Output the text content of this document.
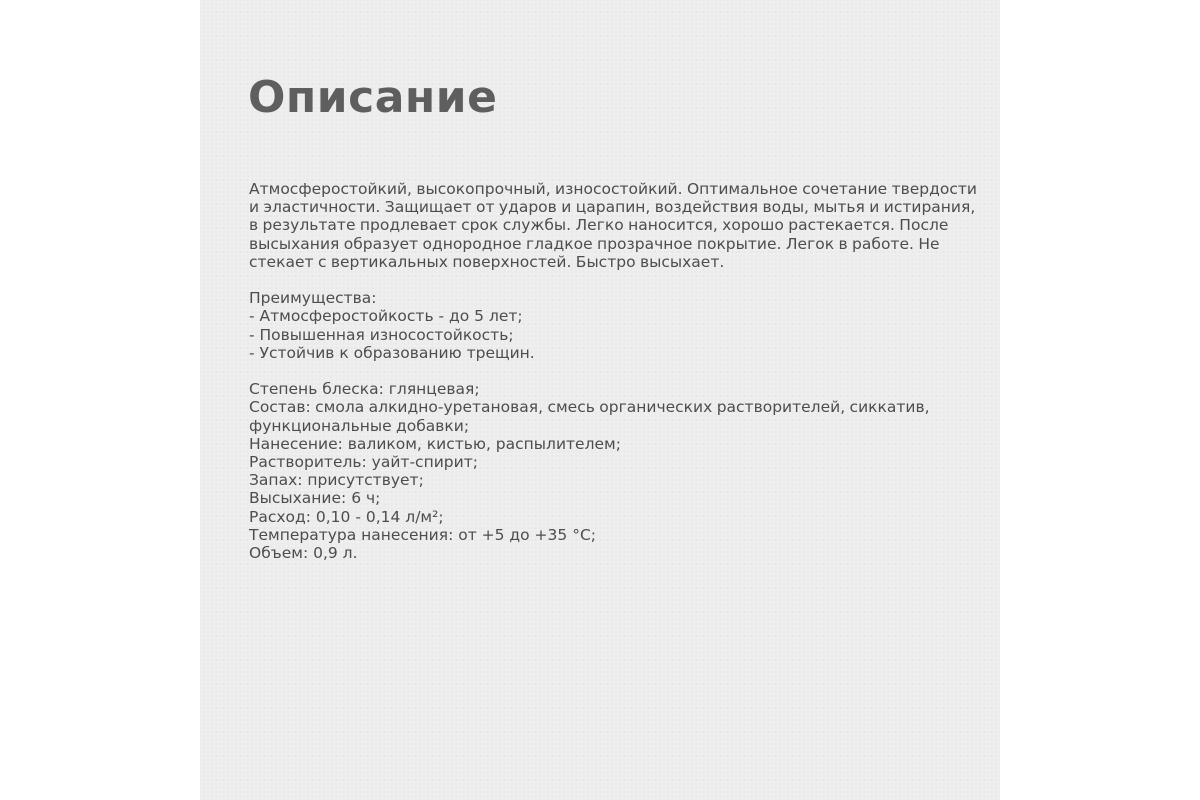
Описание

Атмосферостойкий, высокопрочный, износостойкий. Оптимальное сочетание твердости и эластичности. Защищает от ударов и царапин, воздействия воды, мытья и истирания, в результате продлевает срок службы. Легко наносится, хорошо растекается. После высыхания образует однородное гладкое прозрачное покрытие. Легок в работе. Не стекает с вертикальных поверхностей. Быстро высыхает.

Преимущества:
- Атмосферостойкость - до 5 лет;
- Повышенная износостойкость;
- Устойчив к образованию трещин.
Степень блеска: глянцевая;
Состав: смола алкидно-уретановая, смесь органических растворителей, сиккатив, функциональные добавки;
Нанесение: валиком, кистью, распылителем;
Растворитель: уайт-спирит;
Запах: присутствует;
Высыхание: 6 ч;
Расход: 0,10 - 0,14 л/м²;
Температура нанесения: от +5 до +35 °С;
Объем: 0,9 л.
